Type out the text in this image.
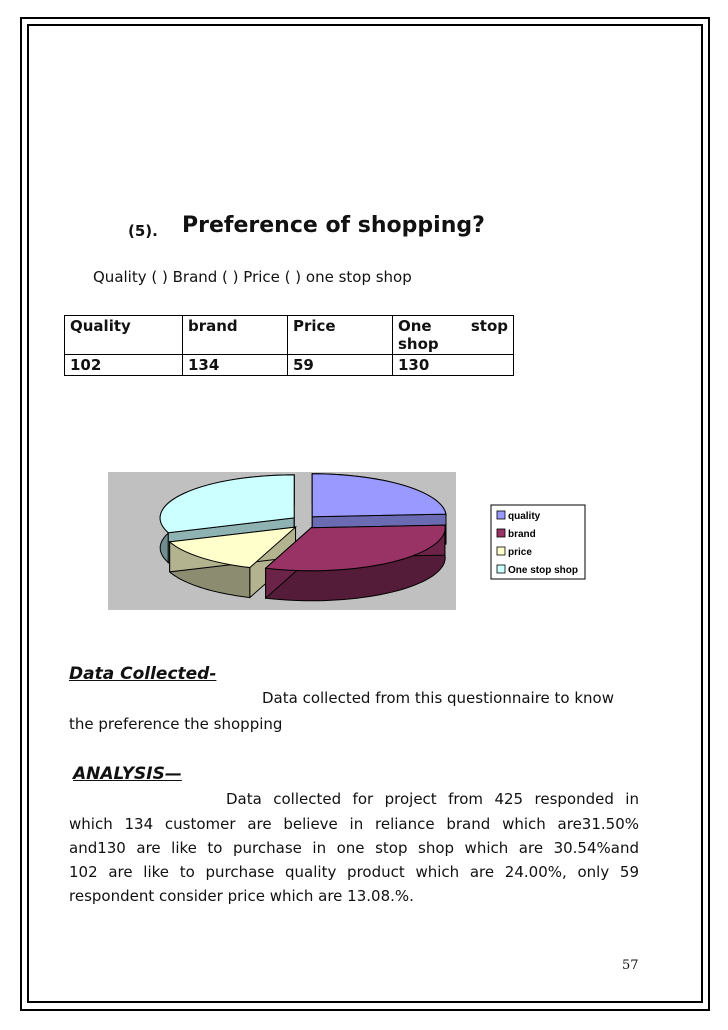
(5). Preference of shopping?
Quality ( ) Brand ( ) Price ( ) one stop shop
Quality	brand	Price	One stop
shop

102	134	59	130
quality
brand
price
One stop shop
Data Collected-
Data collected from this questionnaire to know
the preference the shopping
ANALYSIS—
Data collected for project from 425 responded in
which 134 customer are believe in reliance brand which are31.50%
and130 are like to purchase in one stop shop which are 30.54%and
102 are like to purchase quality product which are 24.00%, only 59
respondent consider price which are 13.08.%.
57
